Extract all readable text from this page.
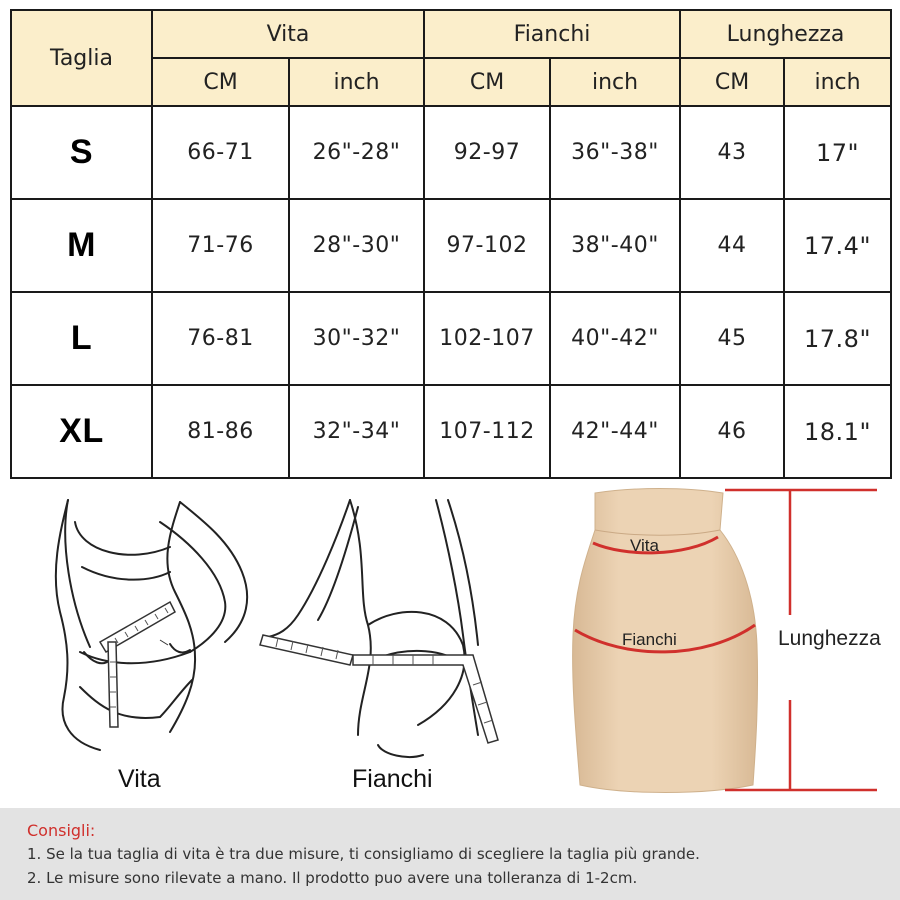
Taglia	Vita		Fianchi		Lunghezza	
	CM	inch	CM	inch	CM	inch
S	66-71	26"-28"	92-97	36"-38"	43	17"
M	71-76	28"-30"	97-102	38"-40"	44	17.4"
L	76-81	30"-32"	102-107	40"-42"	45	17.8"
XL	81-86	32"-34"	107-112	42"-44"	46	18.1"
Vita	Fianchi
Vita
Fianchi	Lunghezza
Consigli:
1. Se la tua taglia di vita è tra due misure, ti consigliamo di scegliere la taglia più grande.
2. Le misure sono rilevate a mano. Il prodotto puo avere una tolleranza di 1-2cm.
